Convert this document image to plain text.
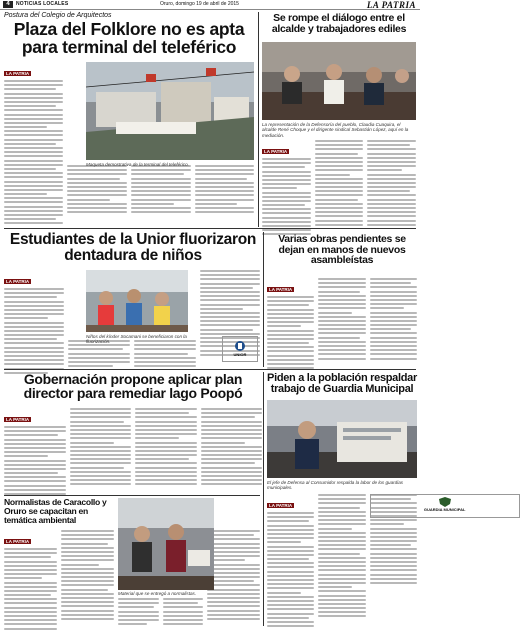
4	NOTICIAS LOCALES	Oruro, domingo 19 de abril de 2015	LA PATRIA
Postura del Colegio de Arquitectos
Plaza del Folklore no es apta para terminal del teleférico
LA PATRIA
Maqueta demostrativa de la terminal del teleférico.
Se rompe el diálogo entre el alcalde y trabajadores ediles
La representación de la Defensoría del pueblo, Claudia Cuaquira, el alcalde René Choque y el dirigente sindical Sebastián López, aquí en la mediación.
LA PATRIA
Estudiantes de la Unior fluorizaron dentadura de niños
LA PATRIA
Niños del kínder Socamani se beneficiaron con la fluorización.
UNIOR
Varias obras pendientes se dejan en manos de nuevos asambleístas
LA PATRIA
Gobernación propone aplicar plan director para remediar lago Poopó
LA PATRIA
Piden a la población respaldar trabajo de Guardia Municipal
El jefe de Defensa al Consumidor respalda la labor de los guardias municipales.
LA PATRIA
GUARDIA MUNICIPAL
Normalistas de Caracollo y Oruro se capacitan en temática ambiental
LA PATRIA
Material que se entregó a normalistas.
